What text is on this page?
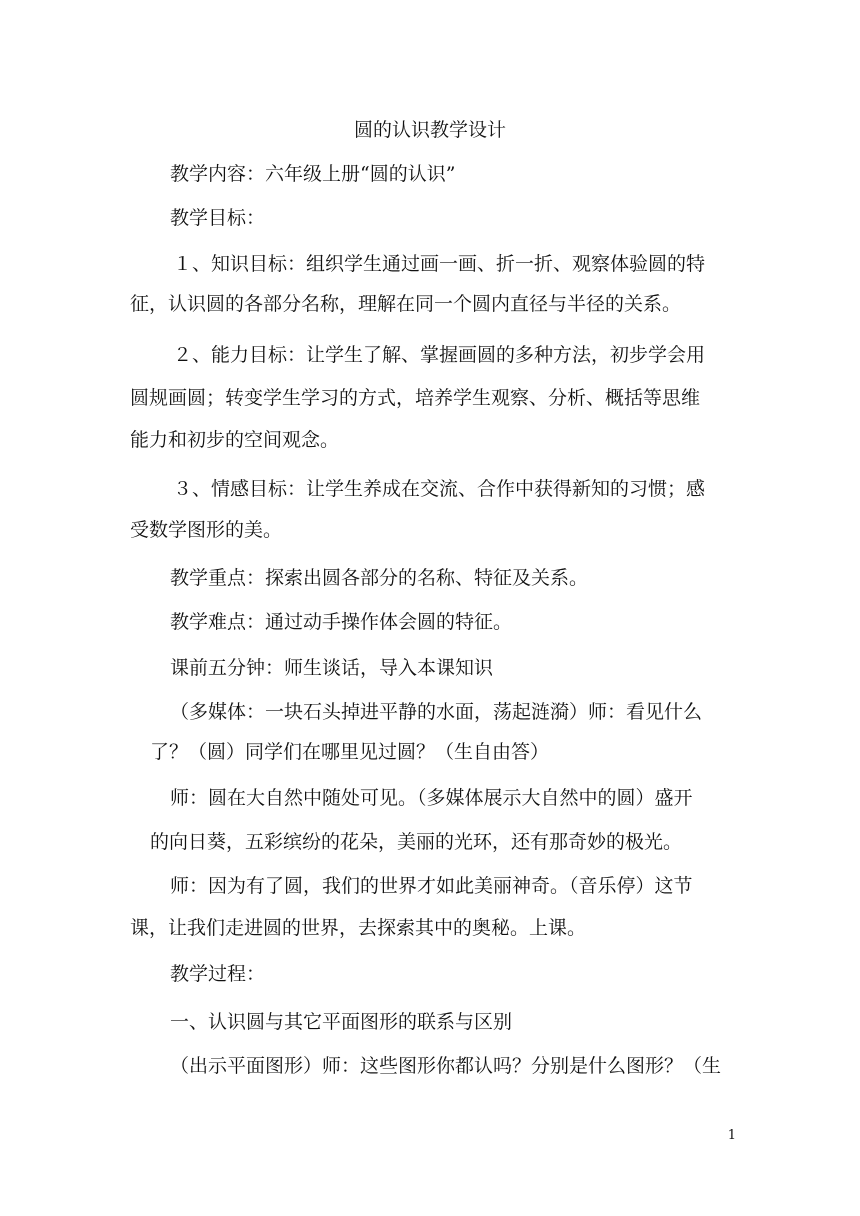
圆的认识教学设计
教学内容：六年级上册“圆的认识”
教学目标：
１、知识目标：组织学生通过画一画、折一折、观察体验圆的特
征，认识圆的各部分名称，理解在同一个圆内直径与半径的关系。
２、能力目标：让学生了解、掌握画圆的多种方法，初步学会用
圆规画圆；转变学生学习的方式，培养学生观察、分析、概括等思维
能力和初步的空间观念。
３、情感目标：让学生养成在交流、合作中获得新知的习惯；感
受数学图形的美。
教学重点：探索出圆各部分的名称、特征及关系。
教学难点：通过动手操作体会圆的特征。
课前五分钟：师生谈话，导入本课知识
（多媒体：一块石头掉进平静的水面，荡起涟漪）师：看见什么
了？（圆）同学们在哪里见过圆？（生自由答）
师：圆在大自然中随处可见。（多媒体展示大自然中的圆）盛开
的向日葵，五彩缤纷的花朵，美丽的光环，还有那奇妙的极光。
师：因为有了圆，我们的世界才如此美丽神奇。（音乐停）这节
课，让我们走进圆的世界，去探索其中的奥秘。上课。
教学过程：
一、认识圆与其它平面图形的联系与区别
（出示平面图形）师：这些图形你都认吗？分别是什么图形？（生
1
